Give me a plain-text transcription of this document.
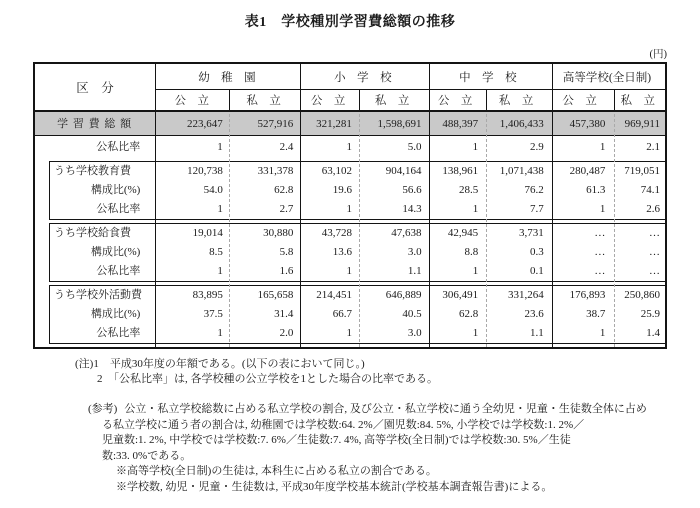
表1　学校種別学習費総額の推移
(円)
区　分
幼　稚　園	小　学　校	中　学　校	高等学校(全日制)
公　立	私　立	公　立	私　立	公　立	私　立	公　立	私　立
学 習 費 総 額	223,647	527,916	321,281	1,598,691	488,397	1,406,433	457,380	969,911
公私比率	1	2.4	1	5.0	1	2.9	1	2.1
うち学校教育費	120,738	331,378	63,102	904,164	138,961	1,071,438	280,487	719,051
構成比(%)	54.0	62.8	19.6	56.6	28.5	76.2	61.3	74.1
公私比率	1	2.7	1	14.3	1	7.7	1	2.6
うち学校給食費	19,014	30,880	43,728	47,638	42,945	3,731	…	…
構成比(%)	8.5	5.8	13.6	3.0	8.8	0.3	…	…
公私比率	1	1.6	1	1.1	1	0.1	…	…
うち学校外活動費	83,895	165,658	214,451	646,889	306,491	331,264	176,893	250,860
構成比(%)	37.5	31.4	66.7	40.5	62.8	23.6	38.7	25.9
公私比率	1	2.0	1	3.0	1	1.1	1	1.4
(注)1　平成30年度の年額である。(以下の表において同じ。)
2　「公私比率」は, 各学校種の公立学校を1とした場合の比率である。
(参考) 公立・私立学校総数に占める私立学校の割合, 及び公立・私立学校に通う全幼児・児童・生徒数全体に占め
る私立学校に通う者の割合は, 幼稚園では学校数:64. 2%／園児数:84. 5%, 小学校では学校数:1. 2%／
児童数:1. 2%, 中学校では学校数:7. 6%／生徒数:7. 4%, 高等学校(全日制)では学校数:30. 5%／生徒
数:33. 0%である。
※高等学校(全日制)の生徒は, 本科生に占める私立の割合である。
※学校数, 幼児・児童・生徒数は, 平成30年度学校基本統計(学校基本調査報告書)による。
